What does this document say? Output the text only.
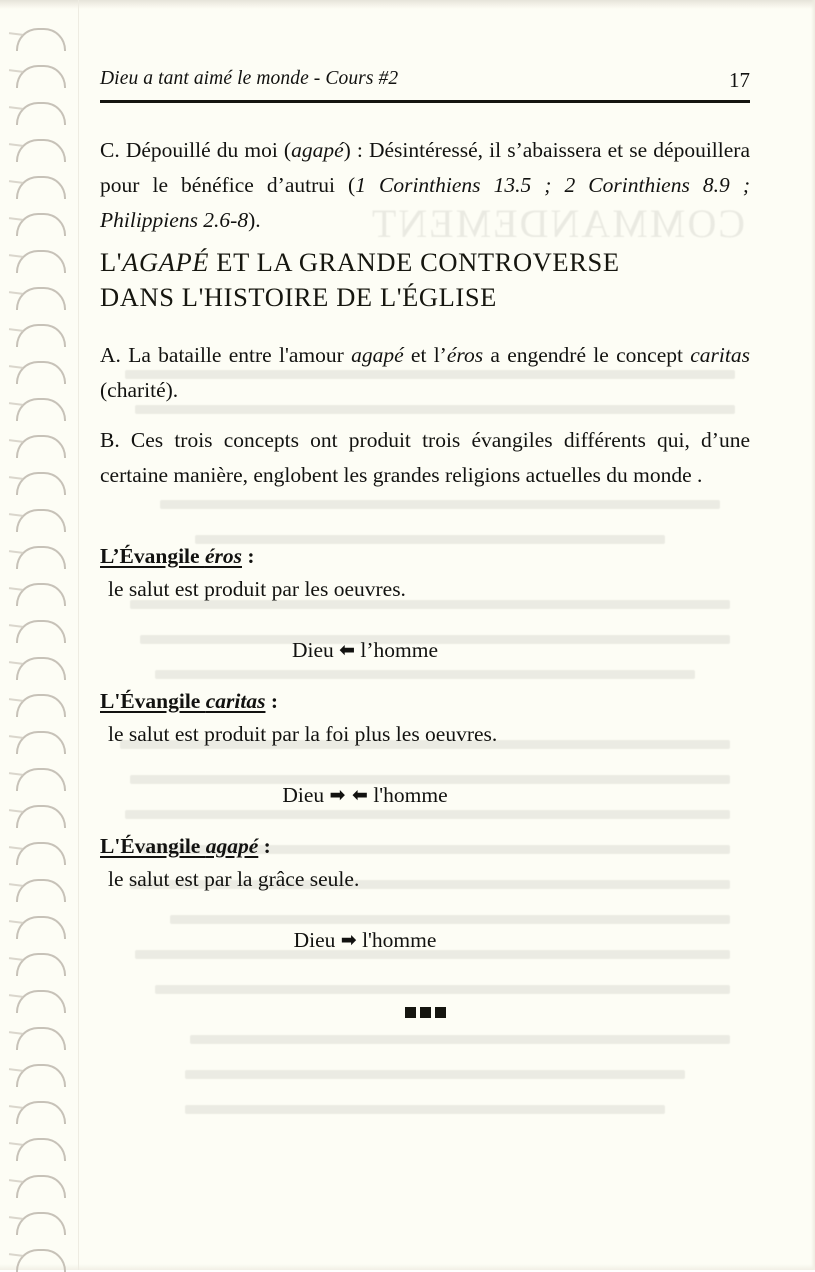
COMMANDEMENT
Dieu a tant aimé le monde - Cours #2	17
C. Dépouillé du moi (agapé) : Désintéressé, il s’abaissera et se dépouillera pour le bénéfice d’autrui (1 Corinthiens 13.5 ; 2 Corinthiens 8.9 ; Philippiens 2.6-8).
L'AGAPÉ ET LA GRANDE CONTROVERSE
DANS L'HISTOIRE DE L'ÉGLISE
A. La bataille entre l'amour agapé et l’éros a engendré le concept caritas (charité).
B. Ces trois concepts ont produit trois évangiles différents qui, d’une certaine manière, englobent les grandes religions actuelles du monde .
L’Évangile éros :
le salut est produit par les oeuvres.
Dieu ⬅ l’homme
L'Évangile caritas :
le salut est produit par la foi plus les oeuvres.
Dieu ➡ ⬅ l'homme
L'Évangile agapé :
le salut est par la grâce seule.
Dieu ➡ l'homme
